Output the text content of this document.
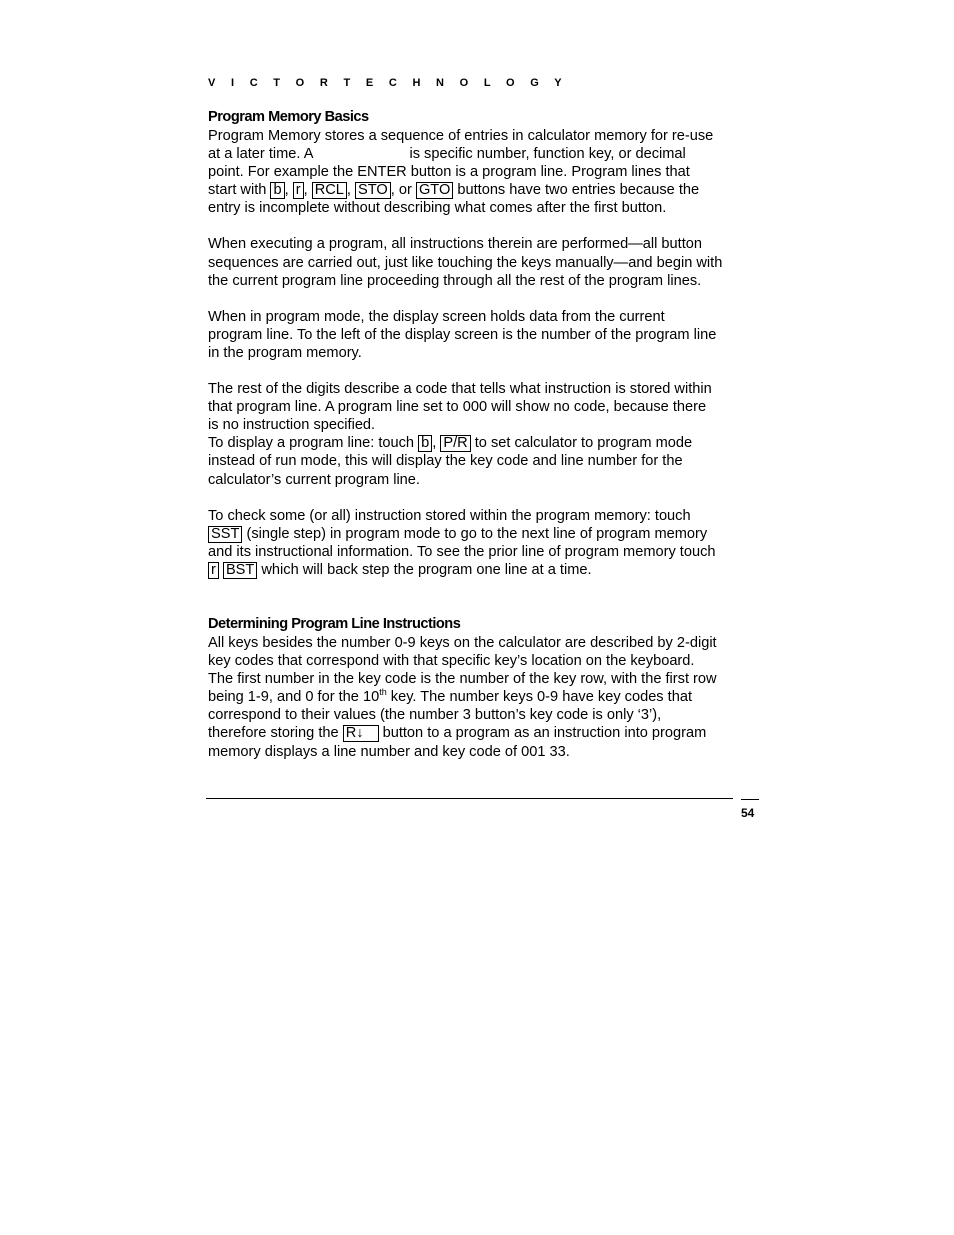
V I C T O R T E C H N O L O G Y
Program Memory Basics

Program Memory stores a sequence of entries in calculator memory for re-use

at a later time. A	is specific number, function key, or decimal

point. For example the ENTER button is a program line. Program lines that

start with b , r , RCL , STO , or GTO buttons have two entries because the

entry is incomplete without describing what comes after the first button.

When executing a program, all instructions therein are performed—all button

sequences are carried out, just like touching the keys manually—and begin with

the current program line proceeding through all the rest of the program lines.

When in program mode, the display screen holds data from the current

program line. To the left of the display screen is the number of the program line

in the program memory.

The rest of the digits describe a code that tells what instruction is stored within

that program line. A program line set to 000 will show no code, because there

is no instruction specified.

To display a program line: touch b , P/R to set calculator to program mode

instead of run mode, this will display the key code and line number for the

calculator’s current program line.

To check some (or all) instruction stored within the program memory: touch

SST (single step) in program mode to go to the next line of program memory

and its instructional information. To see the prior line of program memory touch

r BST which will back step the program one line at a time.

Determining Program Line Instructions

All keys besides the number 0-9 keys on the calculator are described by 2-digit

key codes that correspond with that specific key’s location on the keyboard.

The first number in the key code is the number of the key row, with the first row

being 1-9, and 0 for the 10th key. The number keys 0-9 have key codes that

correspond to their values (the number 3 button’s key code is only ‘3’),

therefore storing the R↓ button to a program as an instruction into program

memory displays a line number and key code of 001 33.

54
